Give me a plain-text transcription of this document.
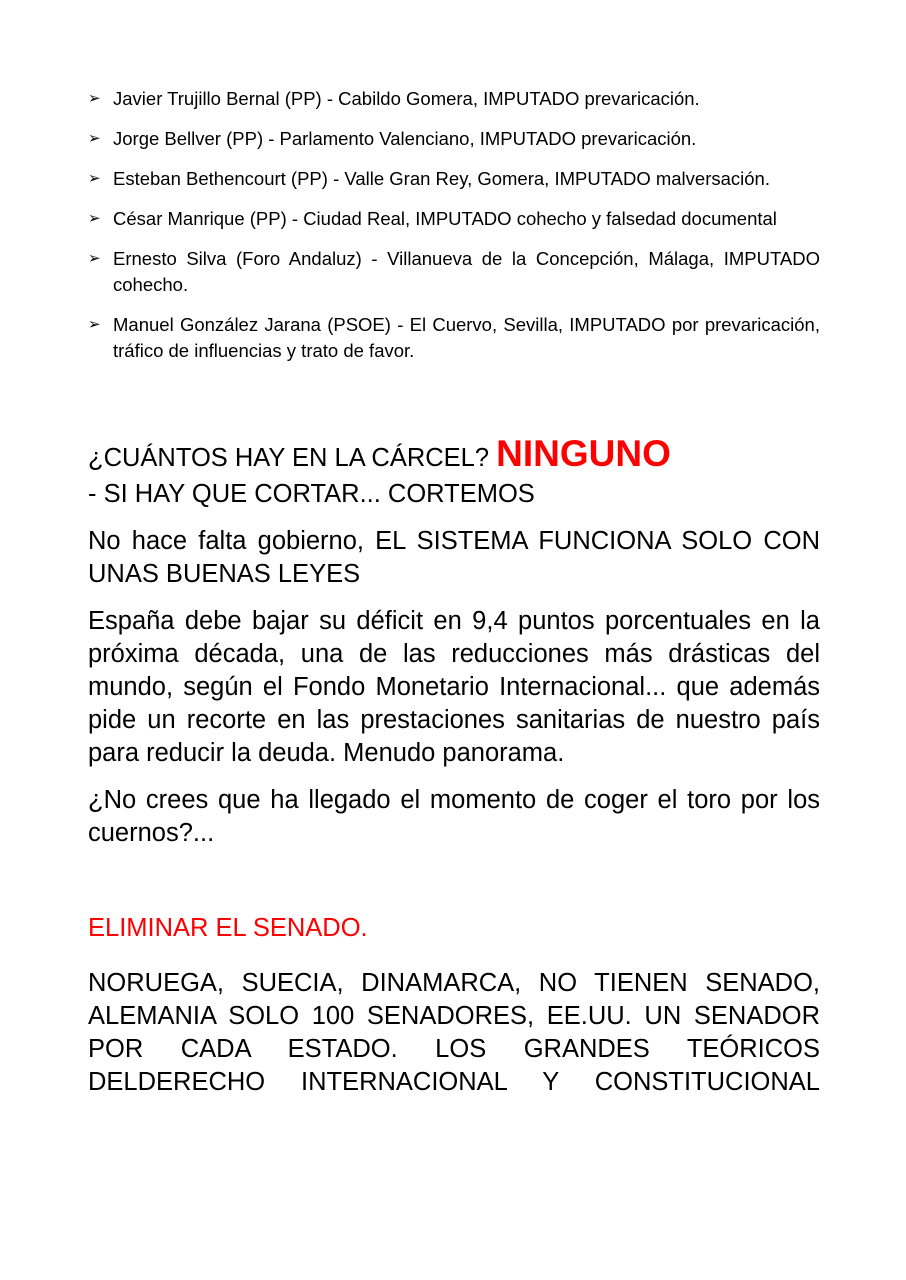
➢ Javier Trujillo Bernal (PP) - Cabildo Gomera, IMPUTADO prevaricación.
➢ Jorge Bellver (PP) - Parlamento Valenciano, IMPUTADO prevaricación.
➢ Esteban Bethencourt (PP) - Valle Gran Rey, Gomera, IMPUTADO malversación.
➢ César Manrique (PP) - Ciudad Real, IMPUTADO cohecho y falsedad documental
➢ Ernesto Silva (Foro Andaluz) - Villanueva de la Concepción, Málaga, IMPUTADO cohecho.
➢ Manuel González Jarana (PSOE) - El Cuervo, Sevilla, IMPUTADO por prevaricación, tráfico de influencias y trato de favor.
¿CUÁNTOS HAY EN LA CÁRCEL? NINGUNO

- SI HAY QUE CORTAR... CORTEMOS

No hace falta gobierno, EL SISTEMA FUNCIONA SOLO CON UNAS BUENAS LEYES

España debe bajar su déficit en 9,4 puntos porcentuales en la próxima década, una de las reducciones más drásticas del mundo, según el Fondo Monetario Internacional... que además pide un recorte en las prestaciones sanitarias de nuestro país para reducir la deuda. Menudo panorama.

¿No crees que ha llegado el momento de coger el toro por los cuernos?...

ELIMINAR EL SENADO.

NORUEGA, SUECIA, DINAMARCA, NO TIENEN SENADO, ALEMANIA SOLO 100 SENADORES, EE.UU. UN SENADOR POR CADA ESTADO. LOS GRANDES TEÓRICOS DELDERECHO INTERNACIONAL Y CONSTITUCIONAL
